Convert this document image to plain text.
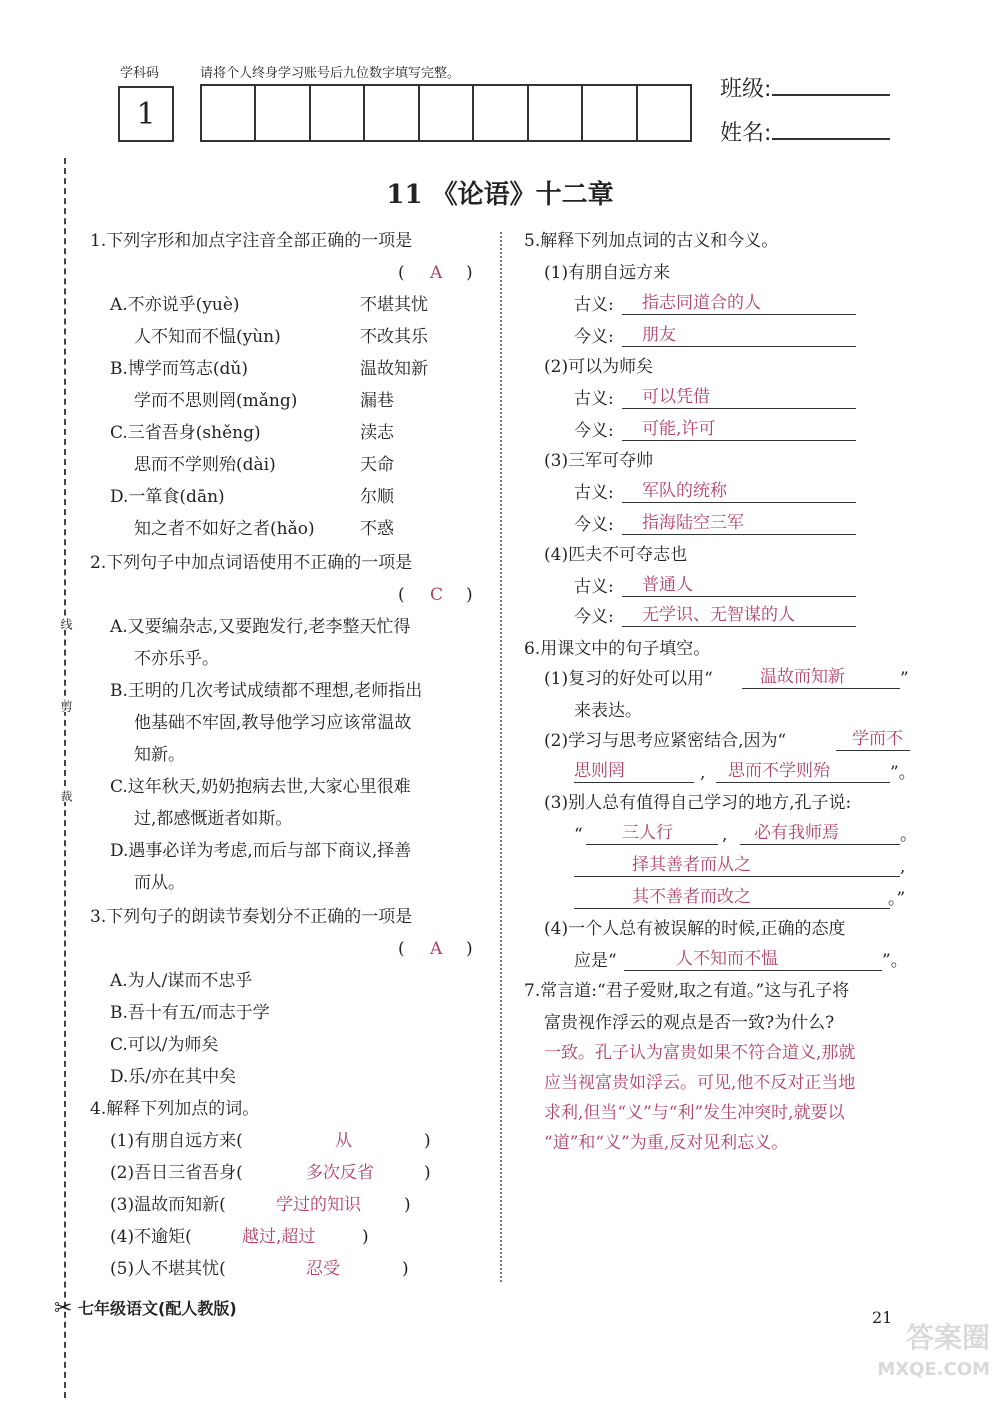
学科码	请将个人终身学习账号后九位数字填写完整。
1
班级:
姓名:
线
剪
裁
✂
11 《论语》十二章
1.下列字形和加点字注音全部正确的一项是
( A )
A.不亦说乎(yuè)	不堪其忧
人不知而不愠(yùn)	不改其乐
B.博学而笃志(dǔ)	温故知新
学而不思则罔(mǎng)	漏巷
C.三省吾身(shěng)	渎志
思而不学则殆(dài)	天命
D.一箪食(dān)	尔顺
知之者不如好之者(hǎo)	不惑
2.下列句子中加点词语使用不正确的一项是
( C )
A.又要编杂志,又要跑发行,老李整天忙得
不亦乐乎。
B.王明的几次考试成绩都不理想,老师指出
他基础不牢固,教导他学习应该常温故
知新。
C.这年秋天,奶奶抱病去世,大家心里很难
过,都感慨逝者如斯。
D.遇事必详为考虑,而后与部下商议,择善
而从。
3.下列句子的朗读节奏划分不正确的一项是
( A )
A.为人/谋而不忠乎
B.吾十有五/而志于学
C.可以/为师矣
D.乐/亦在其中矣
4.解释下列加点的词。
(1)有朋自远方来(	从	)
(2)吾日三省吾身(	多次反省	)
(3)温故而知新(	学过的知识	)
(4)不逾矩(	越过,超过	)
(5)人不堪其忧(	忍受	)
5.解释下列加点词的古义和今义。
(1)有朋自远方来
古义: 指志同道合的人
今义: 朋友
(2)可以为师矣
古义: 可以凭借
今义: 可能,许可
(3)三军可夺帅
古义: 军队的统称
今义: 指海陆空三军
(4)匹夫不可夺志也
古义: 普通人
今义: 无学识、无智谋的人
6.用课文中的句子填空。
(1)复习的好处可以用“	温故而知新	”
来表达。
(2)学习与思考应紧密结合,因为“	学而不
思则罔	, 思而不学则殆	”。
(3)别人总有值得自己学习的地方,孔子说:
“ 三人行	, 必有我师焉	。
择其善者而从之	,
其不善者而改之	。”
(4)一个人总有被误解的时候,正确的态度
应是“	人不知而不愠	”。
7.常言道:“君子爱财,取之有道。”这与孔子将
富贵视作浮云的观点是否一致?为什么?
一致。孔子认为富贵如果不符合道义,那就
应当视富贵如浮云。可见,他不反对正当地
求利,但当“义”与“利”发生冲突时,就要以
“道”和“义”为重,反对见利忘义。
七年级语文(配人教版)	21
答案圈
MXQE.COM
